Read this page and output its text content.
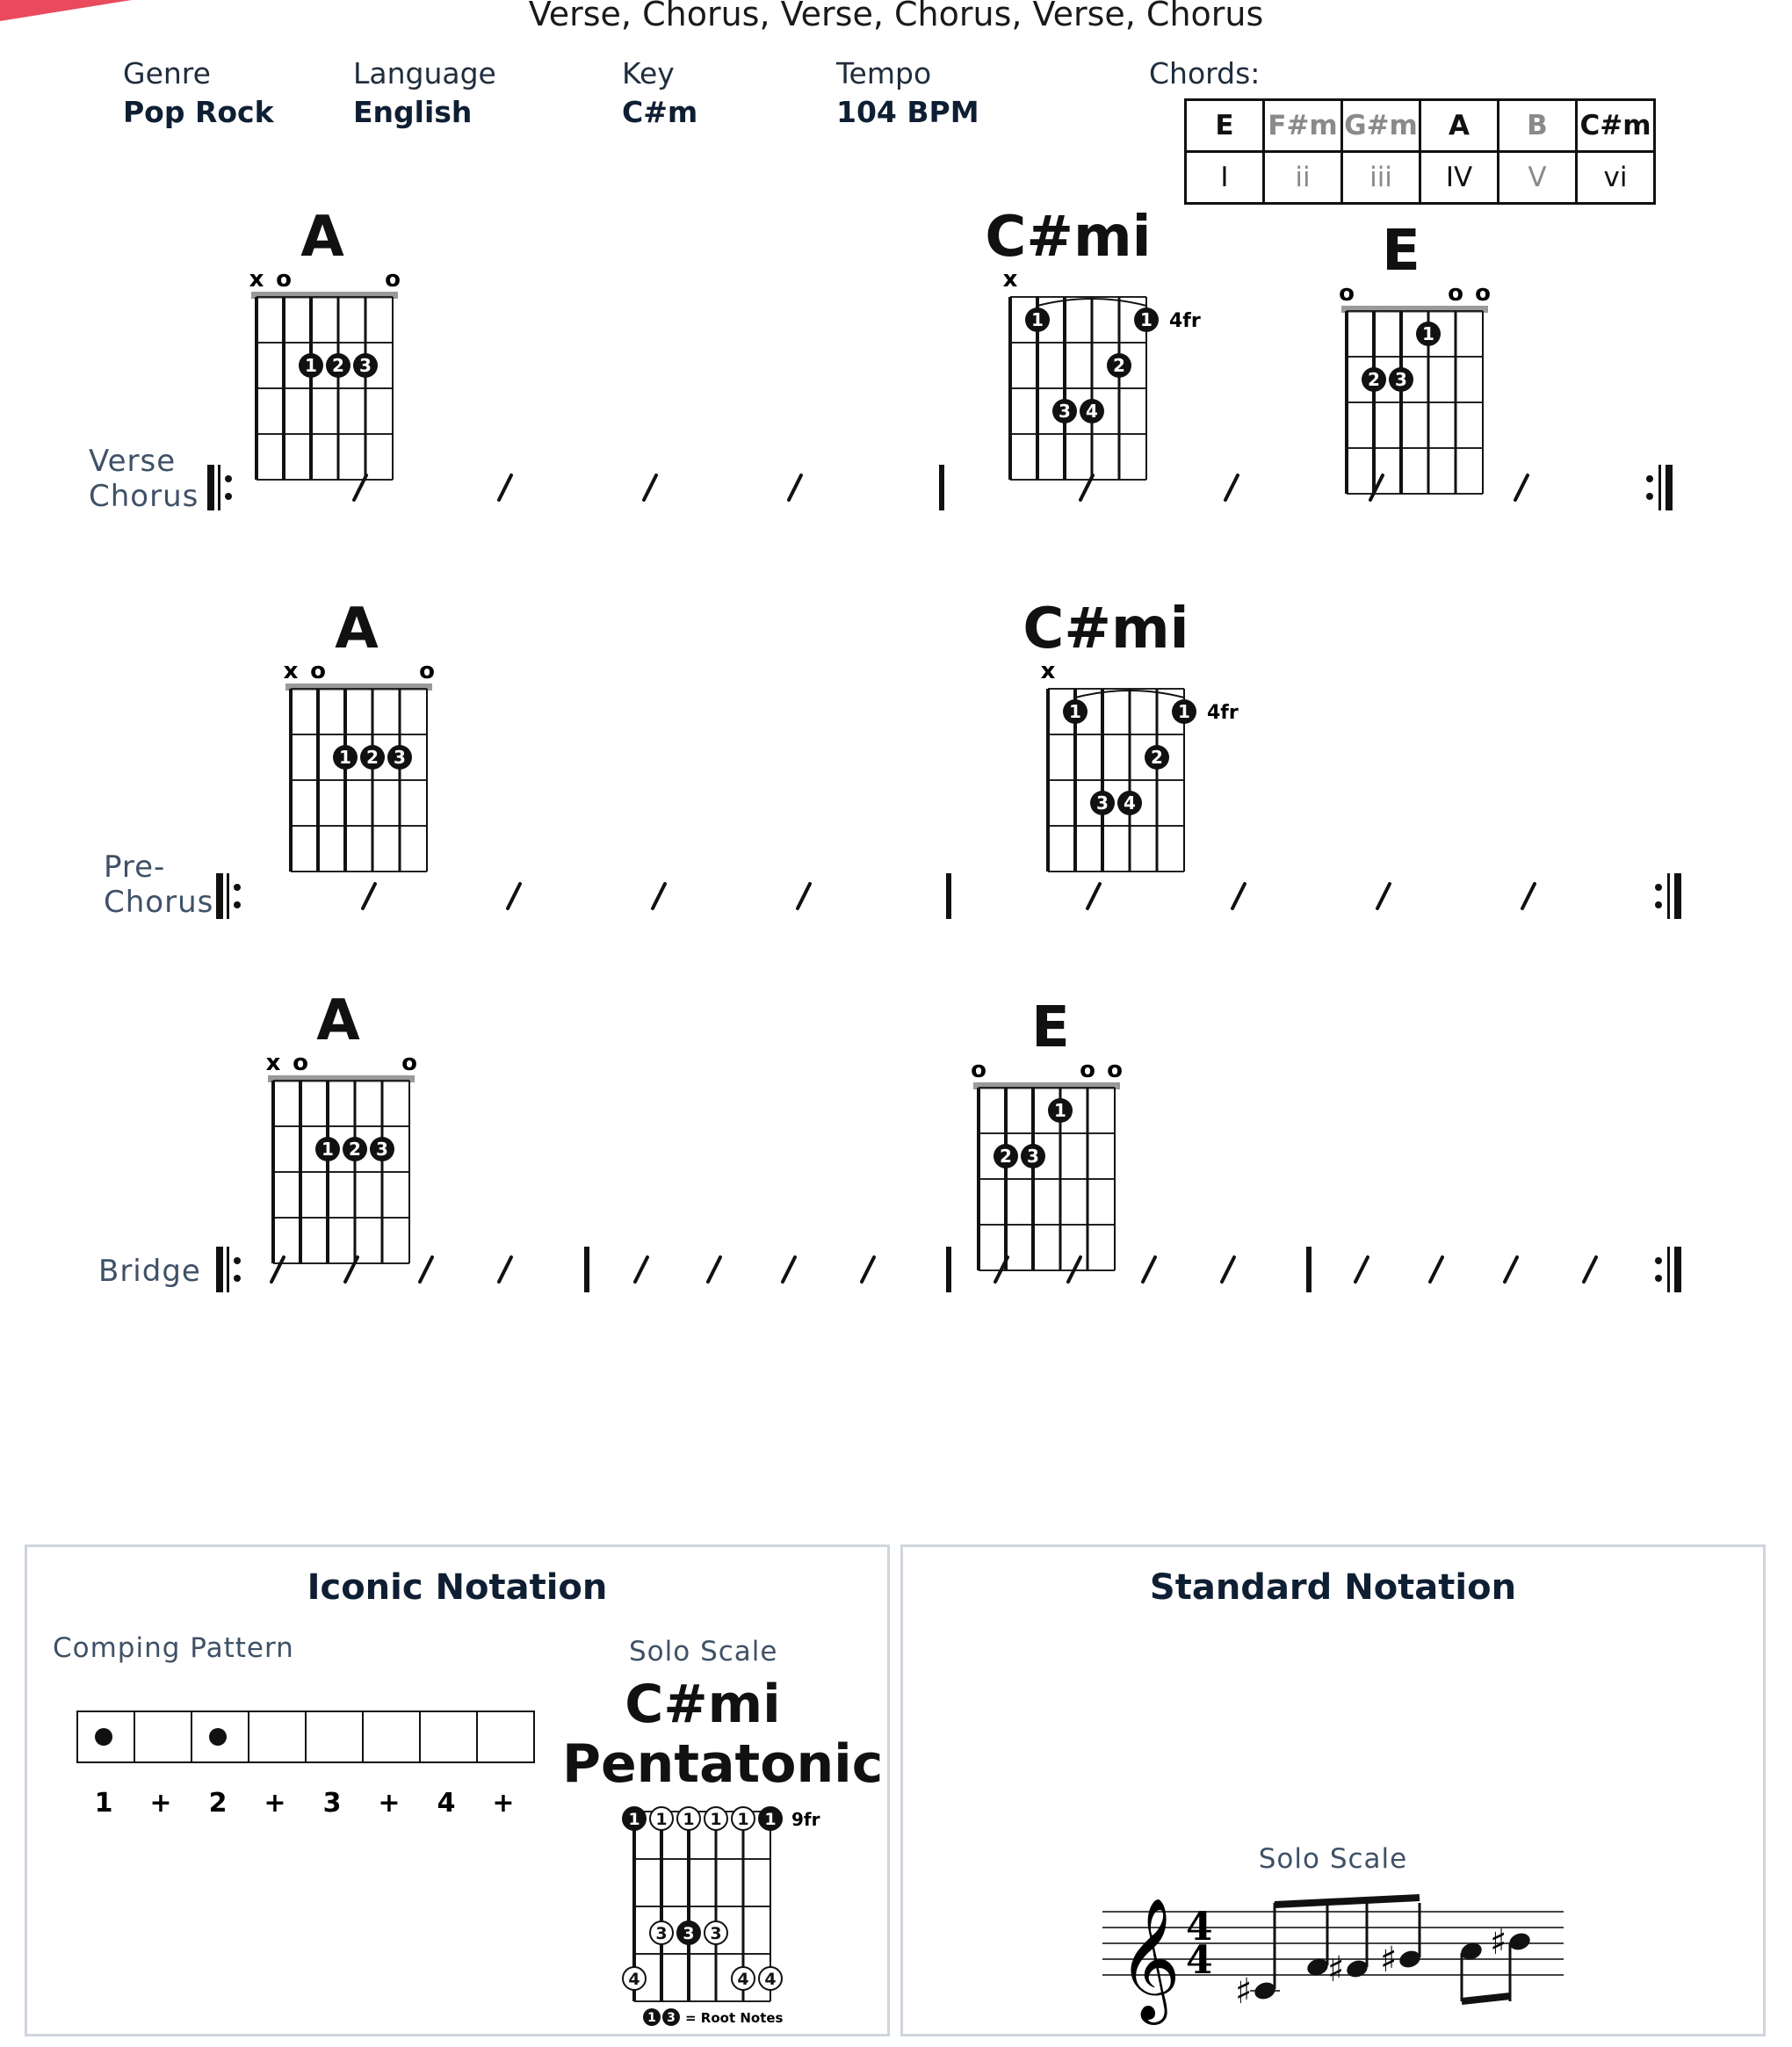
Verse, Chorus, Verse, Chorus, Verse, Chorus
Genre
Pop Rock
Language
English
Key
C#m
Tempo
104 BPM
Chords:
E	F#m	G#m	A	B	C#m
I	ii	iii	IV	V	vi
A	C#mi	E
x o	o
1 2 3
x
4fr
1	1
2
3 4
o	o o
1
2 3
Verse
Chorus
A	C#mi
x o	o
1 2 3
x
4fr
1	1
2
3 4
Pre-
Chorus
A	E
x o	o
1 2 3
o	o o
1
2 3
Bridge
Iconic Notation	Standard Notation
Comping Pattern
1 + 2 + 3 + 4 +
Solo Scale
C#mi
Pentatonic
1 1 1 1 1 1
3 3 3
4	4 4
9fr
1 3 = Root Notes
Solo Scale
𝄞 4
4
♯
♯ ♯	♯
